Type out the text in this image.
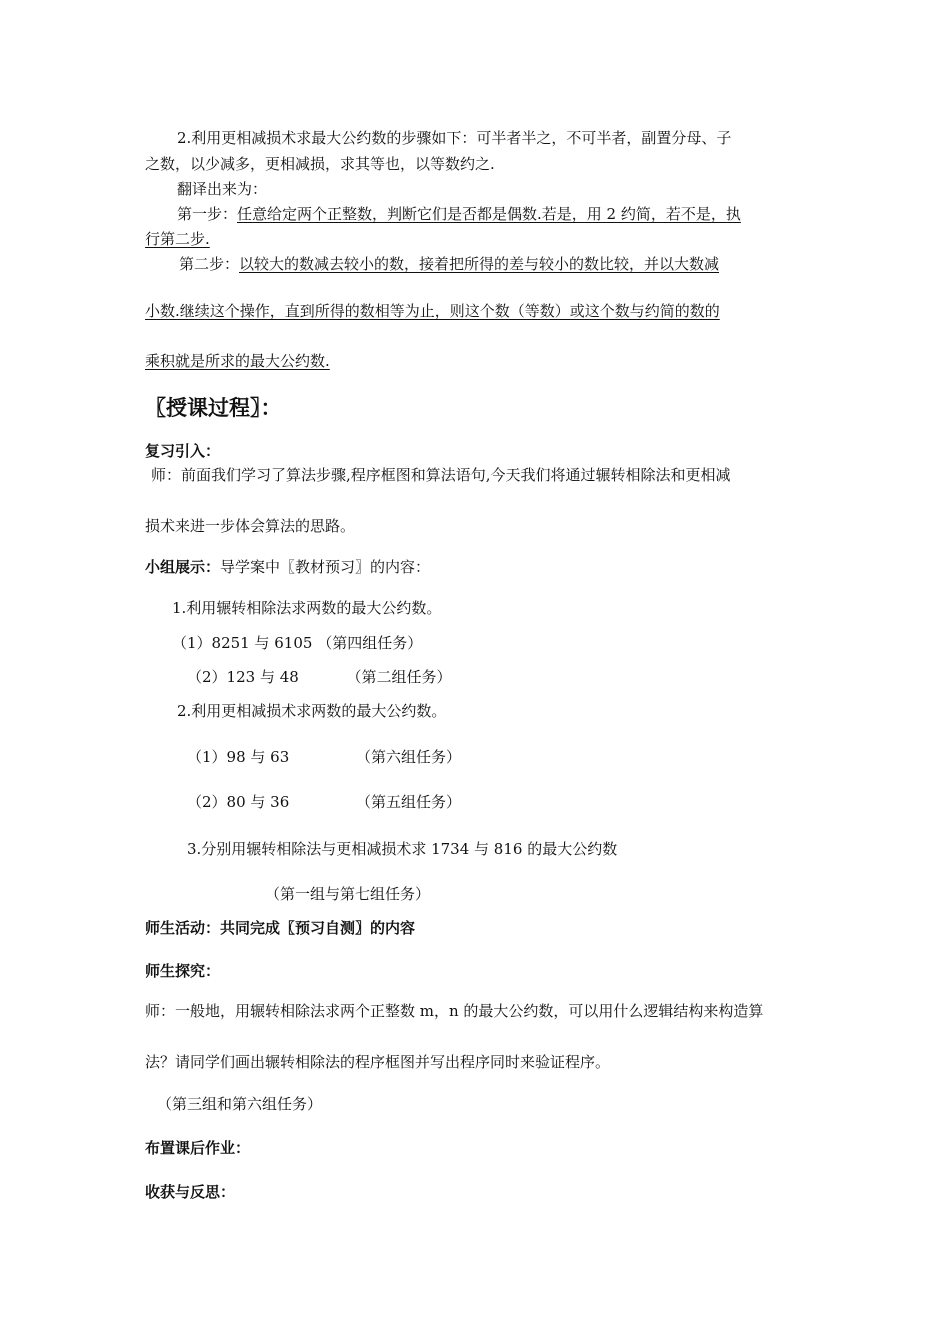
2.利用更相减损术求最大公约数的步骤如下：可半者半之，不可半者，副置分母、子
之数，以少减多，更相减损，求其等也，以等数约之.
翻译出来为：
第一步：任意给定两个正整数，判断它们是否都是偶数.若是，用 2 约简，若不是，执
行第二步.
第二步：以较大的数减去较小的数，接着把所得的差与较小的数比较，并以大数减
小数.继续这个操作，直到所得的数相等为止，则这个数（等数）或这个数与约简的数的
乘积就是所求的最大公约数.
〖授课过程〗：
复习引入：
师：前面我们学习了算法步骤,程序框图和算法语句,今天我们将通过辗转相除法和更相减
损术来进一步体会算法的思路。
小组展示：导学案中〖教材预习〗的内容：
1.利用辗转相除法求两数的最大公约数。
（1）8251 与 6105 （第四组任务）
（2）123 与 48          （第二组任务）
2.利用更相减损术求两数的最大公约数。
（1）98 与 63              （第六组任务）
（2）80 与 36              （第五组任务）
3.分别用辗转相除法与更相减损术求 1734 与 816 的最大公约数
（第一组与第七组任务）
师生活动：共同完成〖预习自测〗的内容
师生探究：
师：一般地，用辗转相除法求两个正整数 m，n 的最大公约数，可以用什么逻辑结构来构造算
法？请同学们画出辗转相除法的程序框图并写出程序同时来验证程序。
（第三组和第六组任务）
布置课后作业：
收获与反思：
